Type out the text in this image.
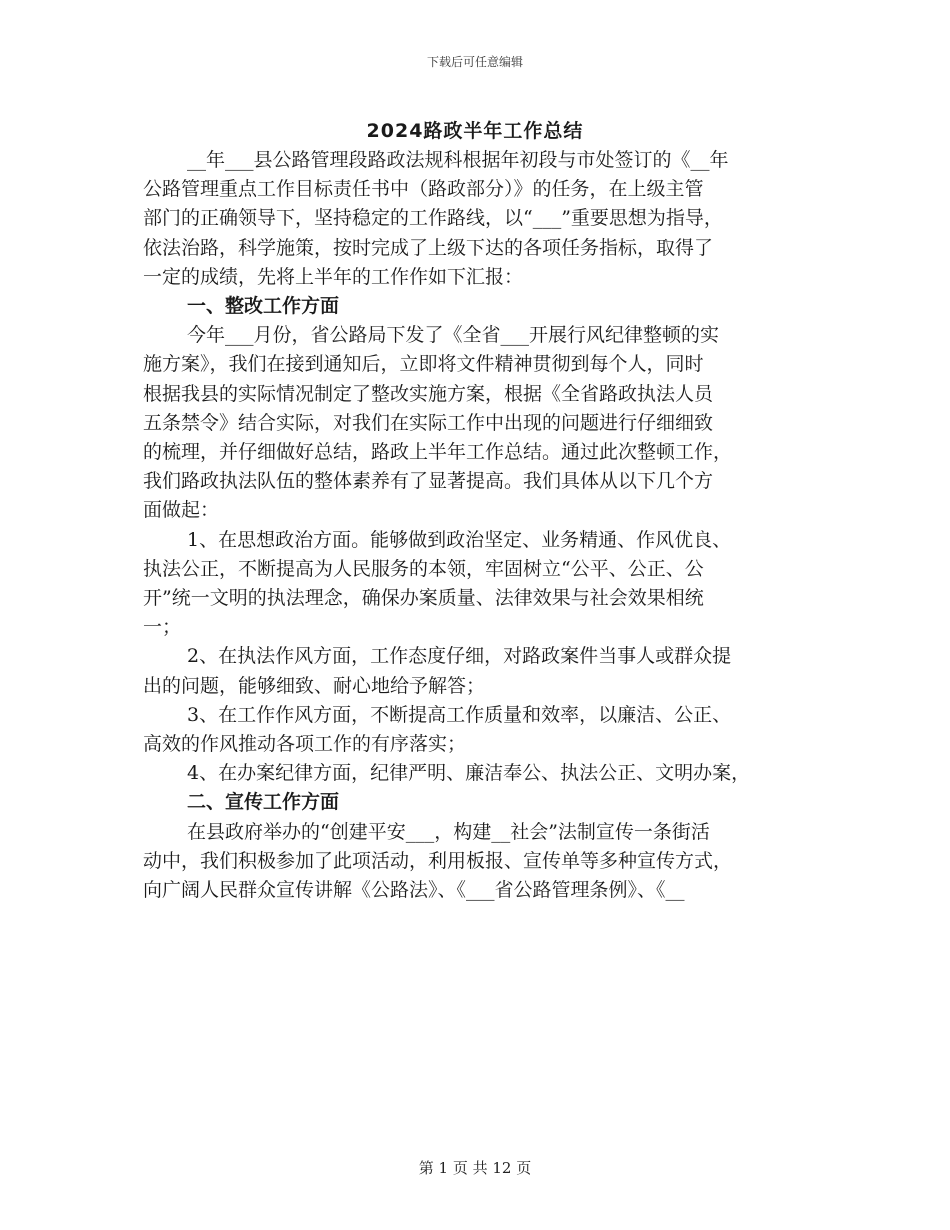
下载后可任意编辑
2024路政半年工作总结

__年___县公路管理段路政法规科根据年初段与市处签订的《__年
公路管理重点工作目标责任书中（路政部分）》的任务，在上级主管
部门的正确领导下，坚持稳定的工作路线，以“___”重要思想为指导，
依法治路，科学施策，按时完成了上级下达的各项任务指标，取得了
一定的成绩，先将上半年的工作作如下汇报：

一、整改工作方面

今年___月份，省公路局下发了《全省___开展行风纪律整顿的实
施方案》，我们在接到通知后，立即将文件精神贯彻到每个人，同时
根据我县的实际情况制定了整改实施方案，根据《全省路政执法人员
五条禁令》结合实际，对我们在实际工作中出现的问题进行仔细细致
的梳理，并仔细做好总结，路政上半年工作总结。通过此次整顿工作，
我们路政执法队伍的整体素养有了显著提高。我们具体从以下几个方
面做起：

1、在思想政治方面。能够做到政治坚定、业务精通、作风优良、
执法公正，不断提高为人民服务的本领，牢固树立“公平、公正、公
开”统一文明的执法理念，确保办案质量、法律效果与社会效果相统
一；

2、在执法作风方面，工作态度仔细，对路政案件当事人或群众提
出的问题，能够细致、耐心地给予解答；

3、在工作作风方面，不断提高工作质量和效率，以廉洁、公正、
高效的作风推动各项工作的有序落实；

4、在办案纪律方面，纪律严明、廉洁奉公、执法公正、文明办案，

二、宣传工作方面

在县政府举办的“创建平安___，构建__社会”法制宣传一条街活
动中，我们积极参加了此项活动，利用板报、宣传单等多种宣传方式，
向广阔人民群众宣传讲解《公路法》、《___省公路管理条例》、《__

第 1 页 共 12 页
